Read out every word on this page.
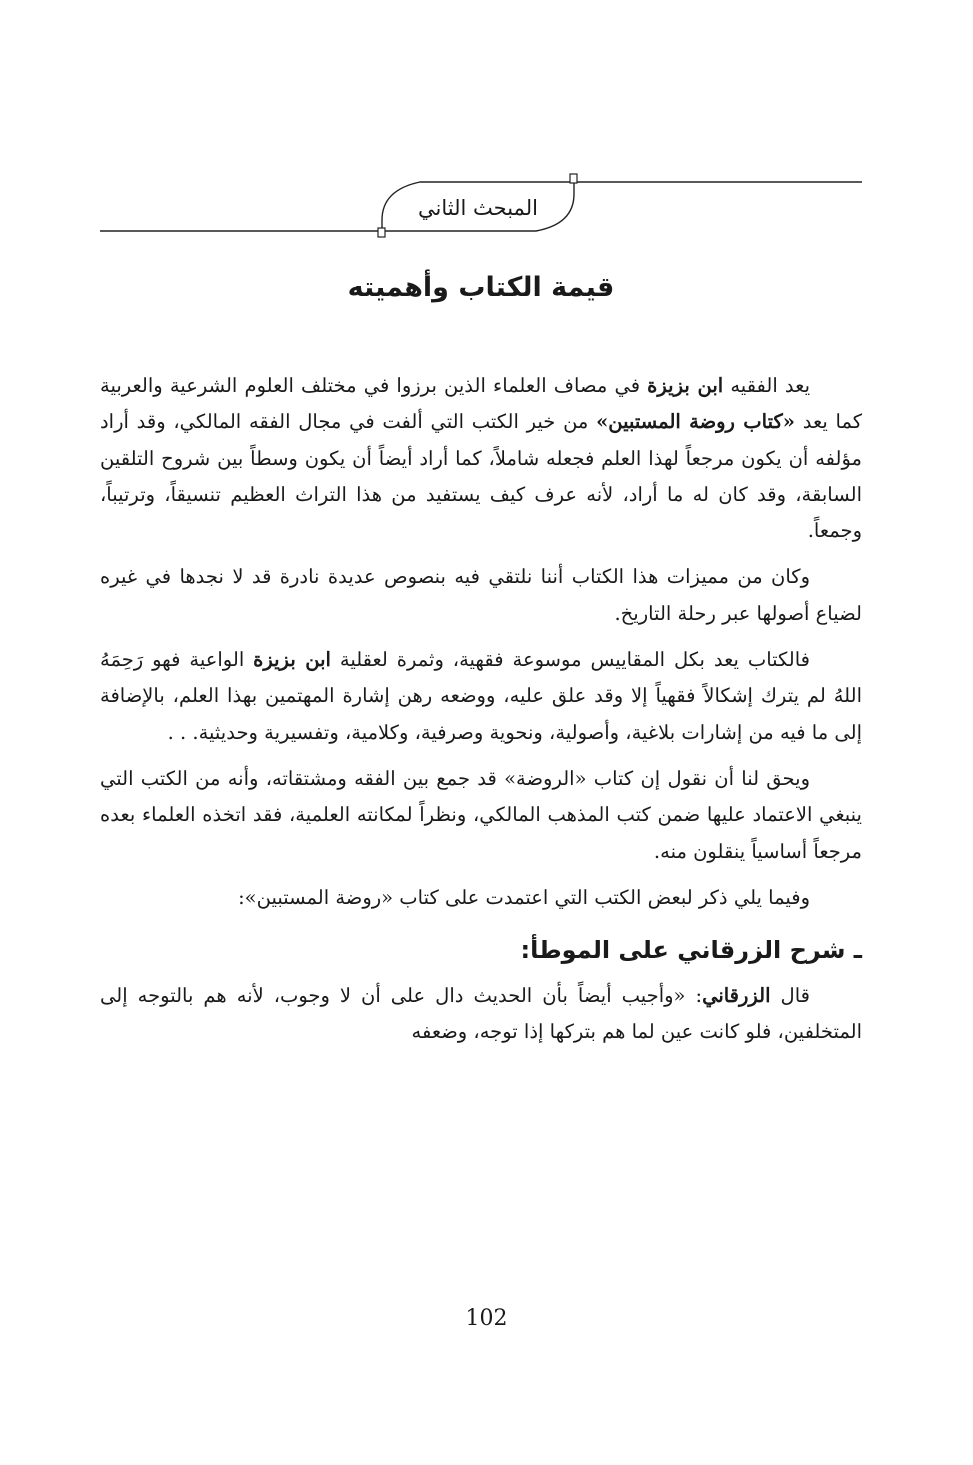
المبحث الثاني
قيمة الكتاب وأهميته

يعد الفقيه ابن بزيزة في مصاف العلماء الذين برزوا في مختلف العلوم الشرعية والعربية كما يعد «كتاب روضة المستبين» من خير الكتب التي ألفت في مجال الفقه المالكي، وقد أراد مؤلفه أن يكون مرجعاً لهذا العلم فجعله شاملاً، كما أراد أيضاً أن يكون وسطاً بين شروح التلقين السابقة، وقد كان له ما أراد، لأنه عرف كيف يستفيد من هذا التراث العظيم تنسيقاً، وترتيباً، وجمعاً.

وكان من مميزات هذا الكتاب أننا نلتقي فيه بنصوص عديدة نادرة قد لا نجدها في غيره لضياع أصولها عبر رحلة التاريخ.

فالكتاب يعد بكل المقاييس موسوعة فقهية، وثمرة لعقلية ابن بزيزة الواعية فهو رَحِمَهُ اللهُ لم يترك إشكالاً فقهياً إلا وقد علق عليه، ووضعه رهن إشارة المهتمين بهذا العلم، بالإضافة إلى ما فيه من إشارات بلاغية، وأصولية، ونحوية وصرفية، وكلامية، وتفسيرية وحديثية. . .

ويحق لنا أن نقول إن كتاب «الروضة» قد جمع بين الفقه ومشتقاته، وأنه من الكتب التي ينبغي الاعتماد عليها ضمن كتب المذهب المالكي، ونظراً لمكانته العلمية، فقد اتخذه العلماء بعده مرجعاً أساسياً ينقلون منه.

وفيما يلي ذكر لبعض الكتب التي اعتمدت على كتاب «روضة المستبين»:

ـ شرح الزرقاني على الموطأ:

قال الزرقاني: «وأجيب أيضاً بأن الحديث دال على أن لا وجوب، لأنه هم بالتوجه إلى المتخلفين، فلو كانت عين لما هم بتركها إذا توجه، وضعفه

102
